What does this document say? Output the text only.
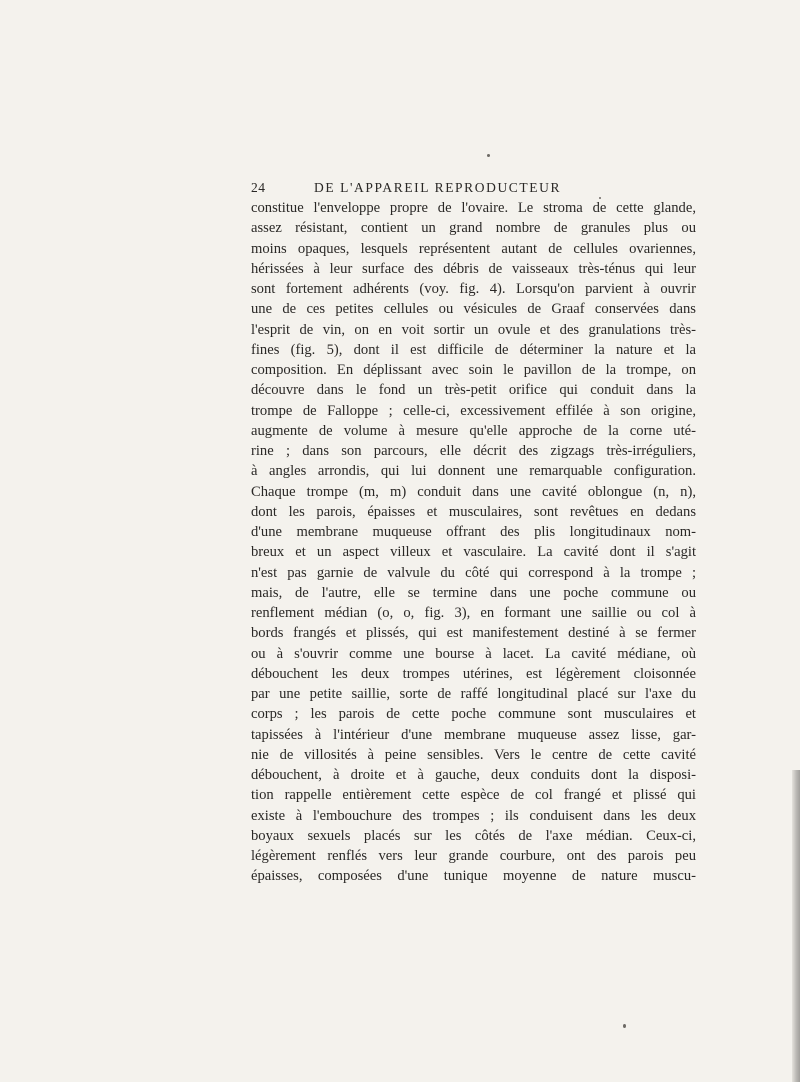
24	DE L'APPAREIL REPRODUCTEUR
constitue l'enveloppe propre de l'ovaire. Le stroma de cette glande,
assez résistant, contient un grand nombre de granules plus ou
moins opaques, lesquels représentent autant de cellules ovariennes,
hérissées à leur surface des débris de vaisseaux très-ténus qui leur
sont fortement adhérents (voy. fig. 4). Lorsqu'on parvient à ouvrir
une de ces petites cellules ou vésicules de Graaf conservées dans
l'esprit de vin, on en voit sortir un ovule et des granulations très-
fines (fig. 5), dont il est difficile de déterminer la nature et la
composition. En déplissant avec soin le pavillon de la trompe, on
découvre dans le fond un très-petit orifice qui conduit dans la
trompe de Falloppe ; celle-ci, excessivement effilée à son origine,
augmente de volume à mesure qu'elle approche de la corne uté-
rine ; dans son parcours, elle décrit des zigzags très-irréguliers,
à angles arrondis, qui lui donnent une remarquable configuration.
Chaque trompe (m, m) conduit dans une cavité oblongue (n, n),
dont les parois, épaisses et musculaires, sont revêtues en dedans
d'une membrane muqueuse offrant des plis longitudinaux nom-
breux et un aspect villeux et vasculaire. La cavité dont il s'agit
n'est pas garnie de valvule du côté qui correspond à la trompe ;
mais, de l'autre, elle se termine dans une poche commune ou
renflement médian (o, o, fig. 3), en formant une saillie ou col à
bords frangés et plissés, qui est manifestement destiné à se fermer
ou à s'ouvrir comme une bourse à lacet. La cavité médiane, où
débouchent les deux trompes utérines, est légèrement cloisonnée
par une petite saillie, sorte de raffé longitudinal placé sur l'axe du
corps ; les parois de cette poche commune sont musculaires et
tapissées à l'intérieur d'une membrane muqueuse assez lisse, gar-
nie de villosités à peine sensibles. Vers le centre de cette cavité
débouchent, à droite et à gauche, deux conduits dont la disposi-
tion rappelle entièrement cette espèce de col frangé et plissé qui
existe à l'embouchure des trompes ; ils conduisent dans les deux
boyaux sexuels placés sur les côtés de l'axe médian. Ceux-ci,
légèrement renflés vers leur grande courbure, ont des parois peu
épaisses, composées d'une tunique moyenne de nature muscu-
